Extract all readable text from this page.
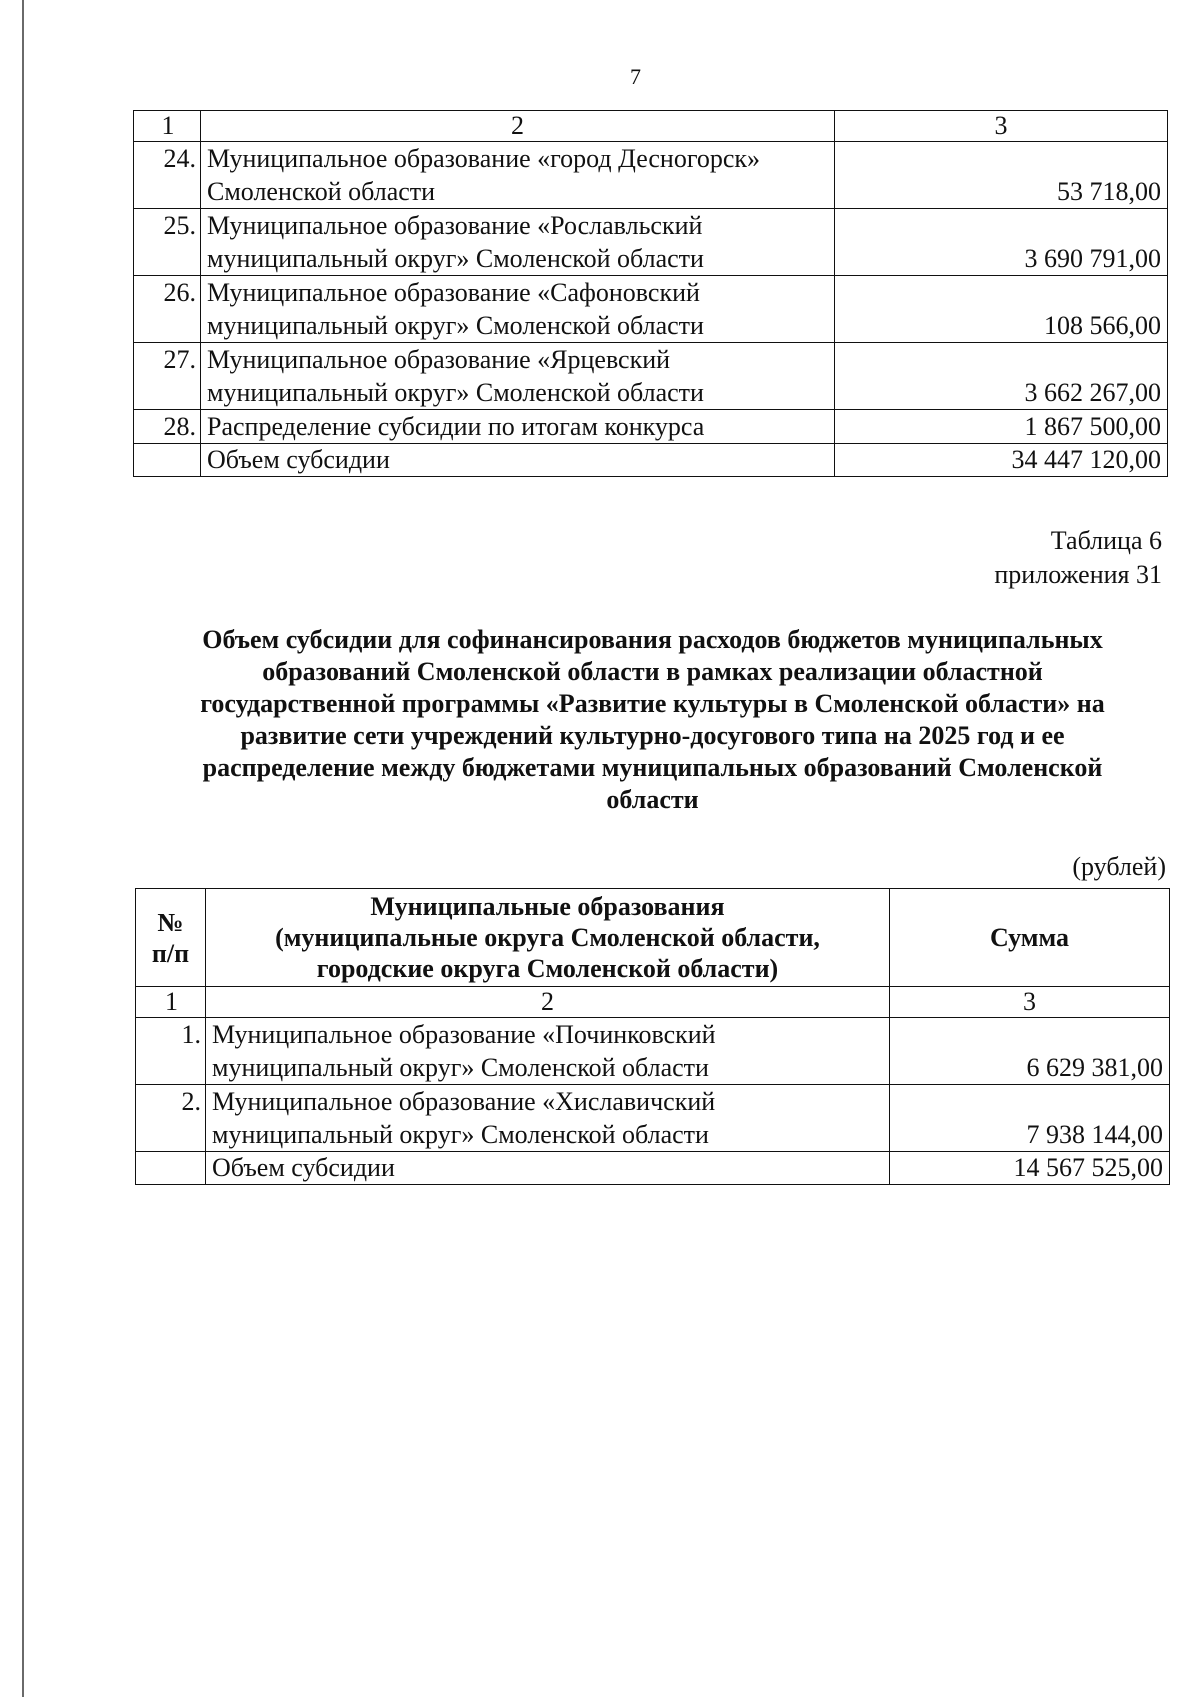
7
1	2	3
24.	Муниципальное образование «город Десногорск»
Смоленской области	53 718,00
25.	Муниципальное образование «Рославльский
муниципальный округ» Смоленской области	3 690 791,00
26.	Муниципальное образование «Сафоновский
муниципальный округ» Смоленской области	108 566,00
27.	Муниципальное образование «Ярцевский
муниципальный округ» Смоленской области	3 662 267,00
28.	Распределение субсидии по итогам конкурса	1 867 500,00
	Объем субсидии	34 447 120,00
Таблица 6
приложения 31
Объем субсидии для софинансирования расходов бюджетов муниципальных
образований Смоленской области в рамках реализации областной
государственной программы «Развитие культуры в Смоленской области» на
развитие сети учреждений культурно-досугового типа на 2025 год и ее
распределение между бюджетами муниципальных образований Смоленской
области
(рублей)
№
п/п	Муниципальные образования
(муниципальные округа Смоленской области,
городские округа Смоленской области)	Сумма
1	2	3
1.	Муниципальное образование «Починковский
муниципальный округ» Смоленской области	6 629 381,00
2.	Муниципальное образование «Хиславичский
муниципальный округ» Смоленской области	7 938 144,00
	Объем субсидии	14 567 525,00
